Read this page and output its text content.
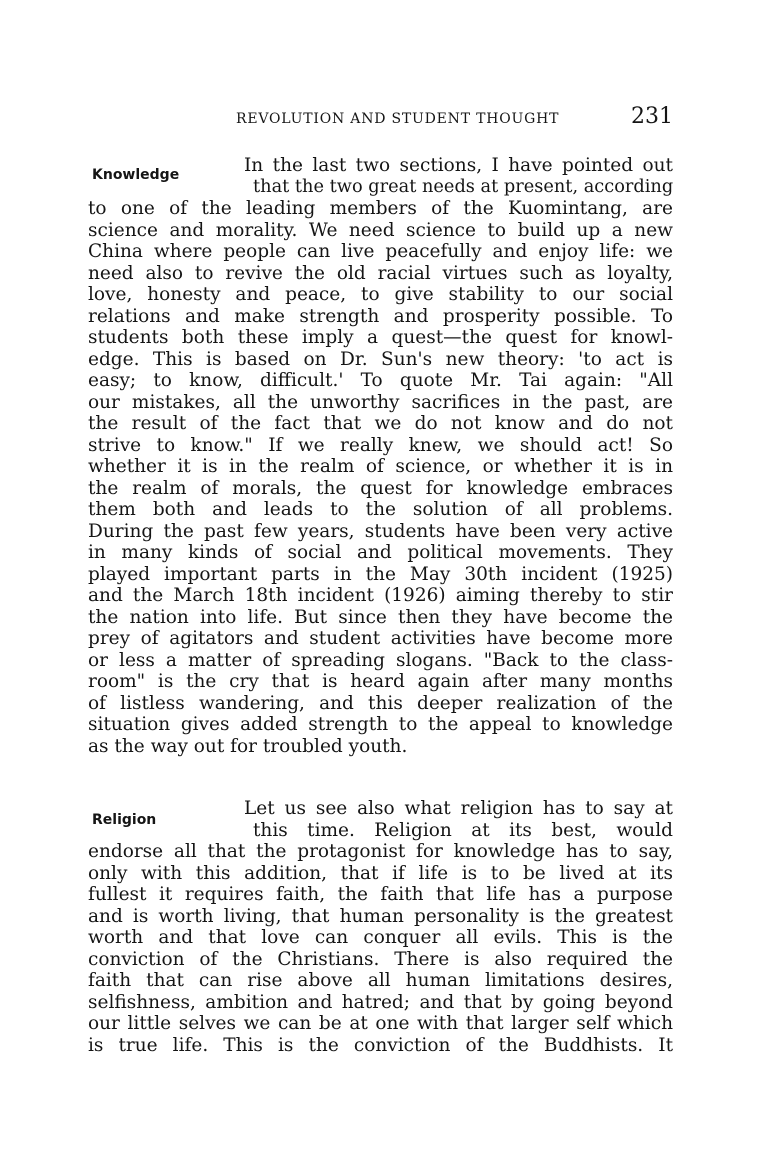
REVOLUTION AND STUDENT THOUGHT	231
Knowledge	In the last two sections, I have pointed out
that the two great needs at present, according
to one of the leading members of the Kuomintang, are
science and morality. We need science to build up a new
China where people can live peacefully and enjoy life: we
need also to revive the old racial virtues such as loyalty,
love, honesty and peace, to give stability to our social
relations and make strength and prosperity possible. To
students both these imply a quest—the quest for knowl-
edge. This is based on Dr. Sun's new theory: 'to act is
easy; to know, difficult.' To quote Mr. Tai again: "All
our mistakes, all the unworthy sacrifices in the past, are
the result of the fact that we do not know and do not
strive to know." If we really knew, we should act! So
whether it is in the realm of science, or whether it is in
the realm of morals, the quest for knowledge embraces
them both and leads to the solution of all problems.
During the past few years, students have been very active
in many kinds of social and political movements. They
played important parts in the May 30th incident (1925)
and the March 18th incident (1926) aiming thereby to stir
the nation into life. But since then they have become the
prey of agitators and student activities have become more
or less a matter of spreading slogans. "Back to the class-
room" is the cry that is heard again after many months
of listless wandering, and this deeper realization of the
situation gives added strength to the appeal to knowledge
as the way out for troubled youth.
Religion
Let us see also what religion has to say at
this time. Religion at its best, would
endorse all that the protagonist for knowledge has to say,
only with this addition, that if life is to be lived at its
fullest it requires faith, the faith that life has a purpose
and is worth living, that human personality is the greatest
worth and that love can conquer all evils. This is the
conviction of the Christians. There is also required the
faith that can rise above all human limitations desires,
selfishness, ambition and hatred; and that by going beyond
our little selves we can be at one with that larger self which
is true life. This is the conviction of the Buddhists. It
